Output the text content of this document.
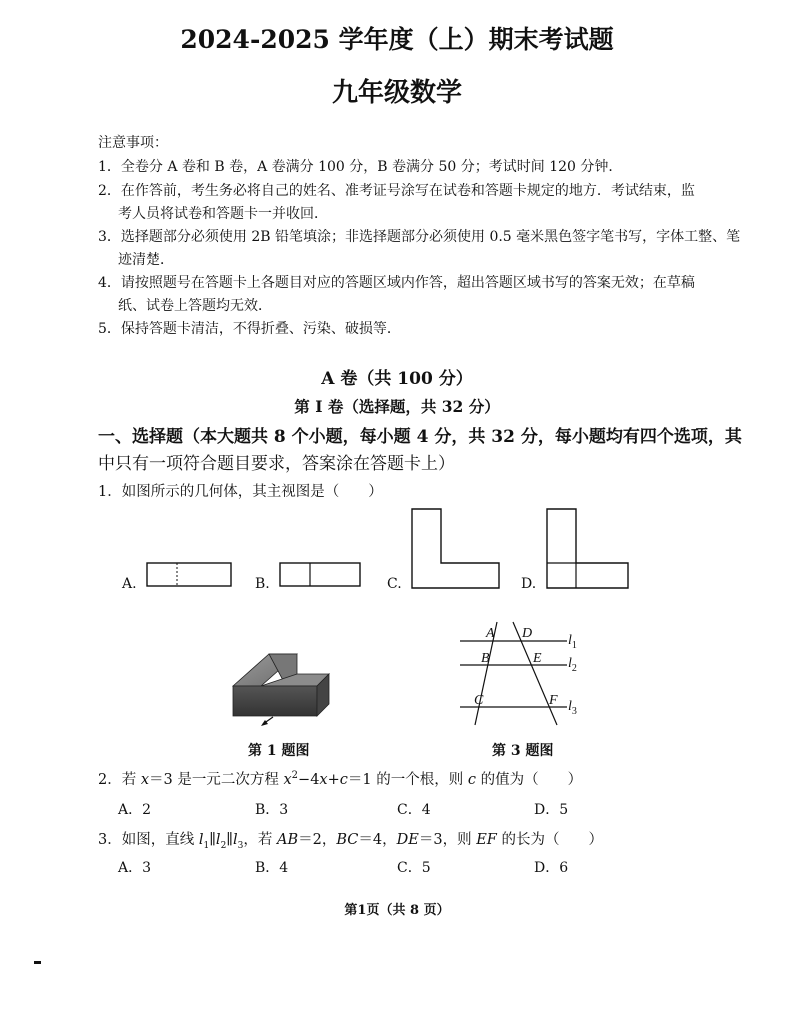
2024-2025 学年度（上）期末考试题
九年级数学
注意事项：
1．全卷分 A 卷和 B 卷，A 卷满分 100 分，B 卷满分 50 分；考试时间 120 分钟．
2．在作答前，考生务必将自己的姓名、准考证号涂写在试卷和答题卡规定的地方．考试结束，监
考人员将试卷和答题卡一并收回．
3．选择题部分必须使用 2B 铅笔填涂；非选择题部分必须使用 0.5 毫米黑色签字笔书写，字体工整、笔
迹清楚．
4．请按照题号在答题卡上各题目对应的答题区域内作答，超出答题区域书写的答案无效；在草稿
纸、试卷上答题均无效．
5．保持答题卡清洁，不得折叠、污染、破损等．
A 卷（共 100 分）
第 I 卷（选择题，共 32 分）
一、选择题（本大题共 8 个小题，每小题 4 分，共 32 分，每小题均有四个选项，其
中只有一项符合题目要求，答案涂在答题卡上）
1．如图所示的几何体，其主视图是（　　）
A.	B.	C.	D.
第 1 题图
A D
B	E
C	F
$l_1$
$l_2$
$l_3$
第 3 题图
2．若 x＝3 是一元二次方程 $x^2-4x+c=1$ 的一个根，则 c 的值为（　　）
A．2	B．3	C．4	D．5
3．如图，直线 $l_1\parallel l_2\parallel l_3$，若 AB＝2，BC＝4，DE＝3，则 EF 的长为（　　）
A．3	B．4	C．5	D．6
第1页（共 8 页）
